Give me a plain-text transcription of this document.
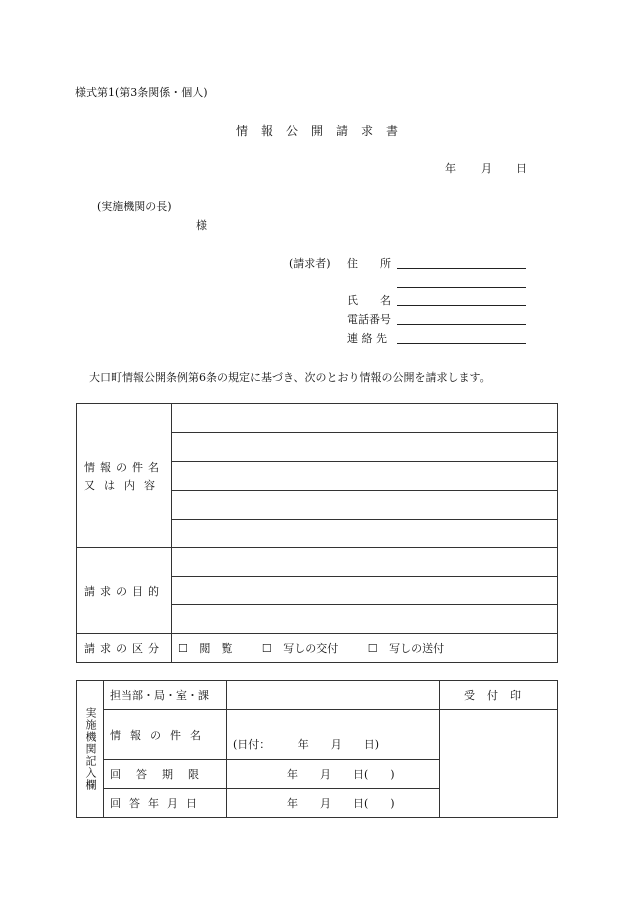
様式第1(第3条関係・個人)
情報公開請求書
年 月 日
(実施機関の長)
様
(請求者) 住　　所
氏　　名
電話番号
連 絡 先
大口町情報公開条例第6条の規定に基づき、次のとおり情報の公開を請求します。
情報の件名
又は内容	

請求の目的	

請求の区分	☐ 閲　覧 ☐ 写しの交付 ☐ 写しの送付
実施機関記入欄	担当部・局・室・課		受付印
	情報の件名	(日付：　　　年　　月　　日)	
	回答期限	年　　月　　日(　　)	
	回答年月日	年　　月　　日(　　)	
